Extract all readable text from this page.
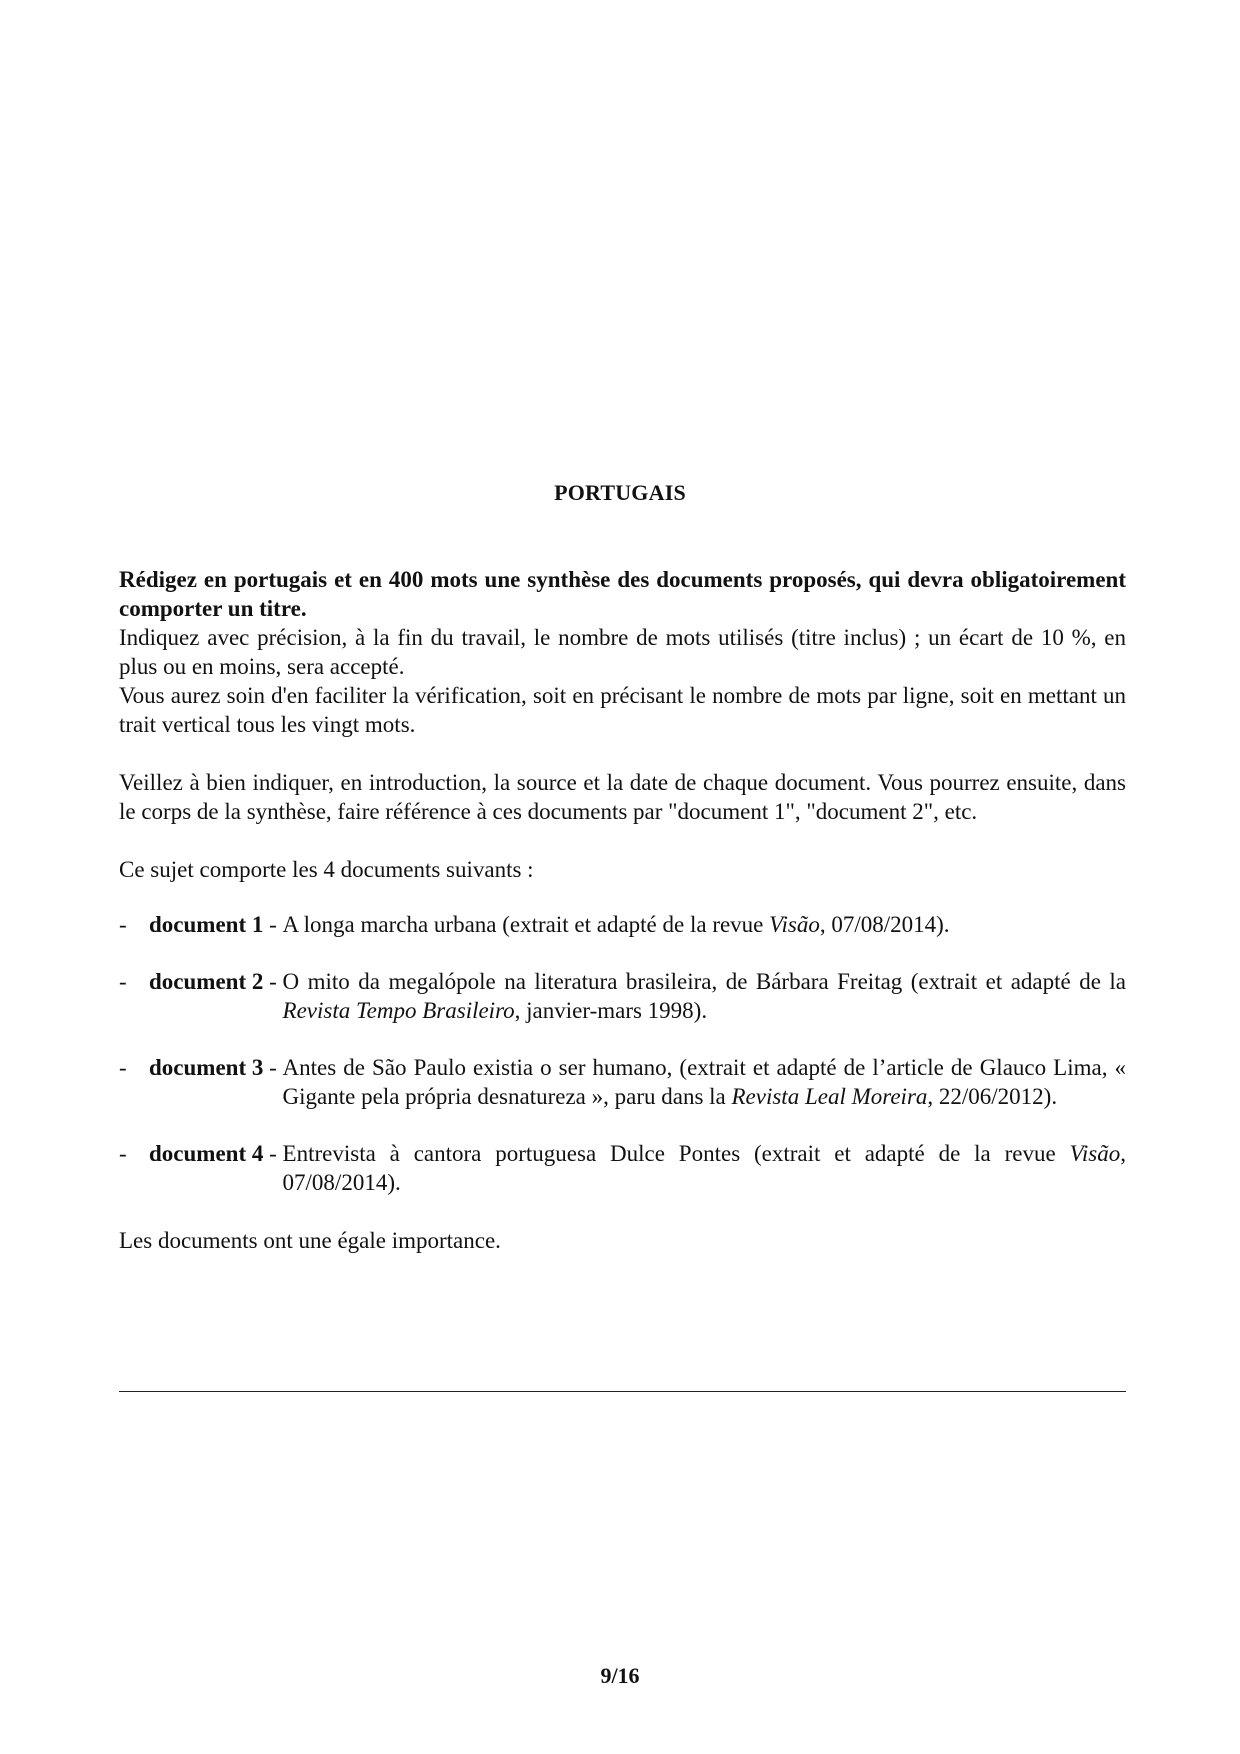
PORTUGAIS

Rédigez en portugais et en 400 mots une synthèse des documents proposés, qui devra obligatoirement comporter un titre.
Indiquez avec précision, à la fin du travail, le nombre de mots utilisés (titre inclus) ; un écart de 10 %, en plus ou en moins, sera accepté.
Vous aurez soin d'en faciliter la vérification, soit en précisant le nombre de mots par ligne, soit en mettant un trait vertical tous les vingt mots.

Veillez à bien indiquer, en introduction, la source et la date de chaque document. Vous pourrez ensuite, dans le corps de la synthèse, faire référence à ces documents par "document 1", "document 2", etc.

Ce sujet comporte les 4 documents suivants :

- document 1 - A longa marcha urbana (extrait et adapté de la revue Visão, 07/08/2014).
- document 2 - O mito da megalópole na literatura brasileira, de Bárbara Freitag (extrait et adapté de la Revista Tempo Brasileiro, janvier-mars 1998).
- document 3 - Antes de São Paulo existia o ser humano, (extrait et adapté de l’article de Glauco Lima, « Gigante pela própria desnatureza », paru dans la Revista Leal Moreira, 22/06/2012).
- document 4 - Entrevista à cantora portuguesa Dulce Pontes (extrait et adapté de la revue Visão, 07/08/2014).

Les documents ont une égale importance.

9/16
